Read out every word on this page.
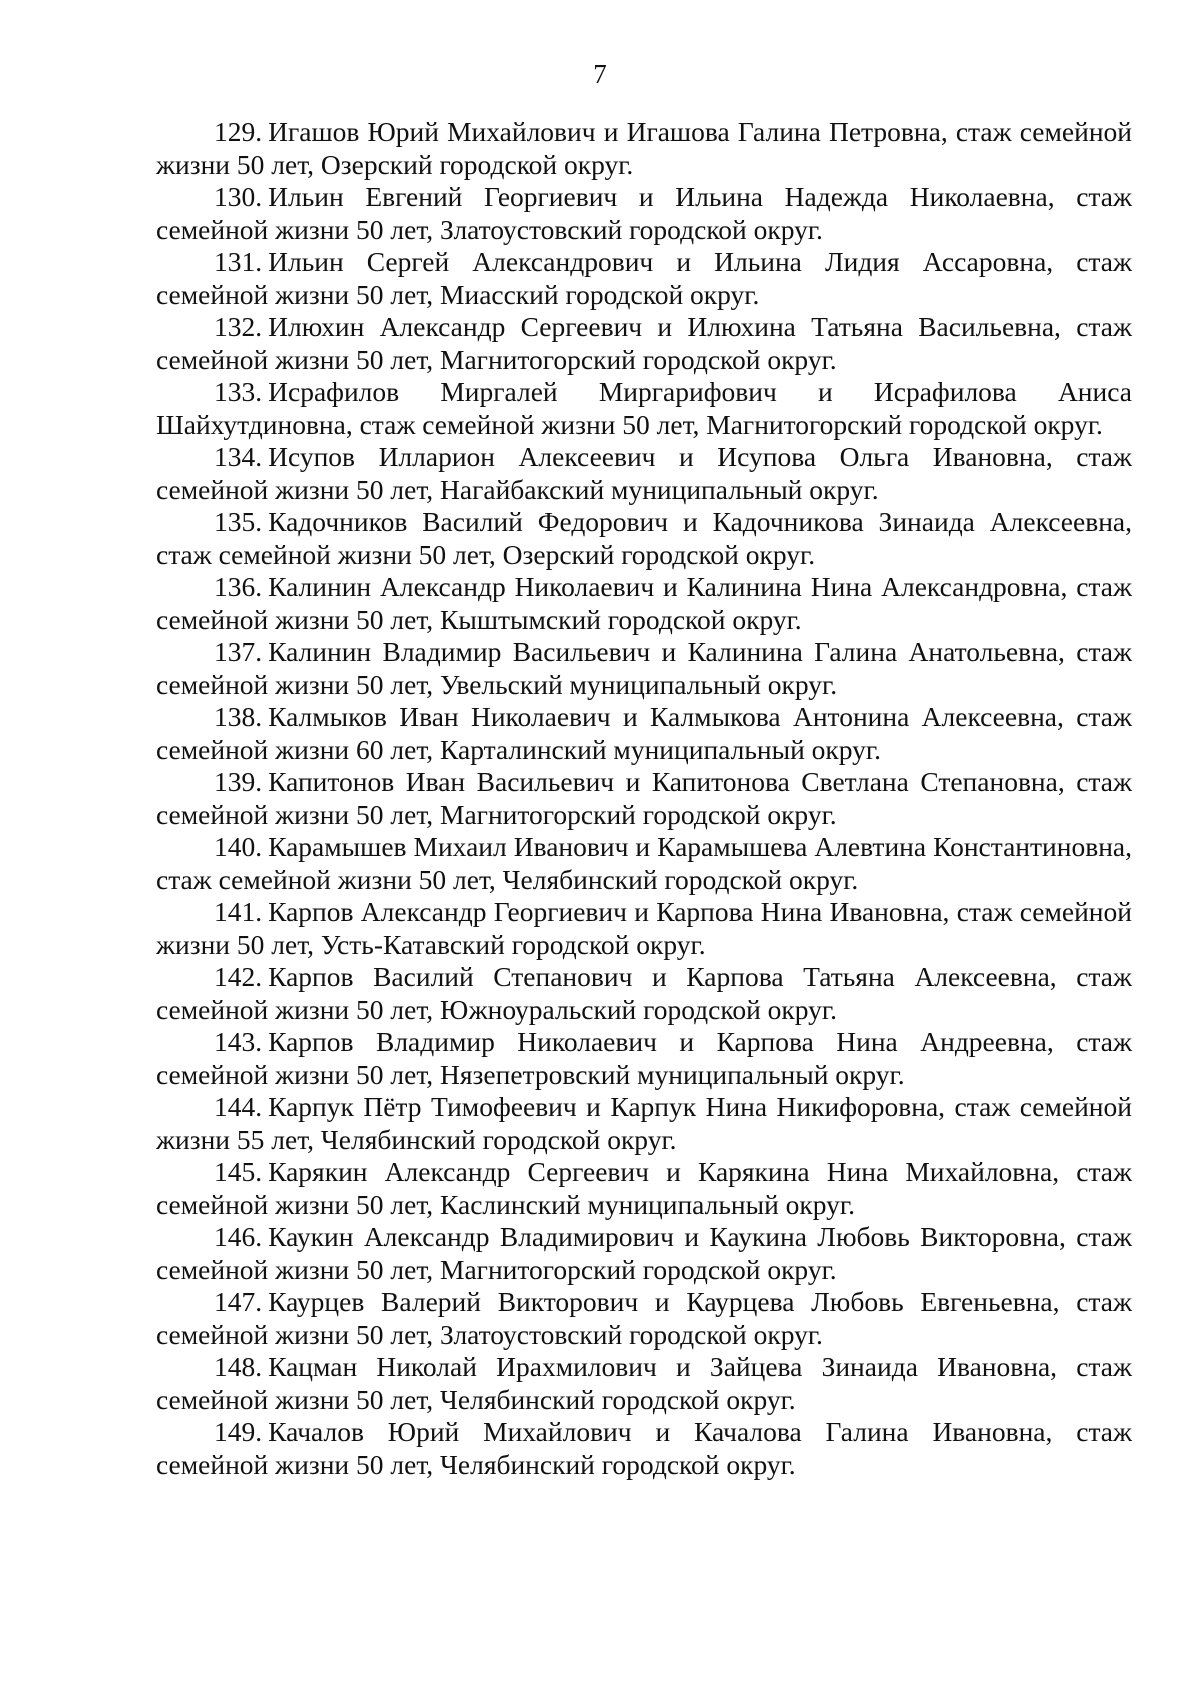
7

129. Игашов Юрий Михайлович и Игашова Галина Петровна, стаж семейной жизни 50 лет, Озерский городской округ.

130. Ильин Евгений Георгиевич и Ильина Надежда Николаевна, стаж семейной жизни 50 лет, Златоустовский городской округ.

131. Ильин Сергей Александрович и Ильина Лидия Ассаровна, стаж семейной жизни 50 лет, Миасский городской округ.

132. Илюхин Александр Сергеевич и Илюхина Татьяна Васильевна, стаж семейной жизни 50 лет, Магнитогорский городской округ.

133. Исрафилов Миргалей Миргарифович и Исрафилова Аниса Шайхутдиновна, стаж семейной жизни 50 лет, Магнитогорский городской округ.

134. Исупов Илларион Алексеевич и Исупова Ольга Ивановна, стаж семейной жизни 50 лет, Нагайбакский муниципальный округ.

135. Кадочников Василий Федорович и Кадочникова Зинаида Алексеевна, стаж семейной жизни 50 лет, Озерский городской округ.

136. Калинин Александр Николаевич и Калинина Нина Александровна, стаж семейной жизни 50 лет, Кыштымский городской округ.

137. Калинин Владимир Васильевич и Калинина Галина Анатольевна, стаж семейной жизни 50 лет, Увельский муниципальный округ.

138. Калмыков Иван Николаевич и Калмыкова Антонина Алексеевна, стаж семейной жизни 60 лет, Карталинский муниципальный округ.

139. Капитонов Иван Васильевич и Капитонова Светлана Степановна, стаж семейной жизни 50 лет, Магнитогорский городской округ.

140. Карамышев Михаил Иванович и Карамышева Алевтина Константиновна, стаж семейной жизни 50 лет, Челябинский городской округ.

141. Карпов Александр Георгиевич и Карпова Нина Ивановна, стаж семейной жизни 50 лет, Усть-Катавский городской округ.

142. Карпов Василий Степанович и Карпова Татьяна Алексеевна, стаж семейной жизни 50 лет, Южноуральский городской округ.

143. Карпов Владимир Николаевич и Карпова Нина Андреевна, стаж семейной жизни 50 лет, Нязепетровский муниципальный округ.

144. Карпук Пётр Тимофеевич и Карпук Нина Никифоровна, стаж семейной жизни 55 лет, Челябинский городской округ.

145. Карякин Александр Сергеевич и Карякина Нина Михайловна, стаж семейной жизни 50 лет, Каслинский муниципальный округ.

146. Каукин Александр Владимирович и Каукина Любовь Викторовна, стаж семейной жизни 50 лет, Магнитогорский городской округ.

147. Каурцев Валерий Викторович и Каурцева Любовь Евгеньевна, стаж семейной жизни 50 лет, Златоустовский городской округ.

148. Кацман Николай Ирахмилович и Зайцева Зинаида Ивановна, стаж семейной жизни 50 лет, Челябинский городской округ.

149. Качалов Юрий Михайлович и Качалова Галина Ивановна, стаж семейной жизни 50 лет, Челябинский городской округ.
